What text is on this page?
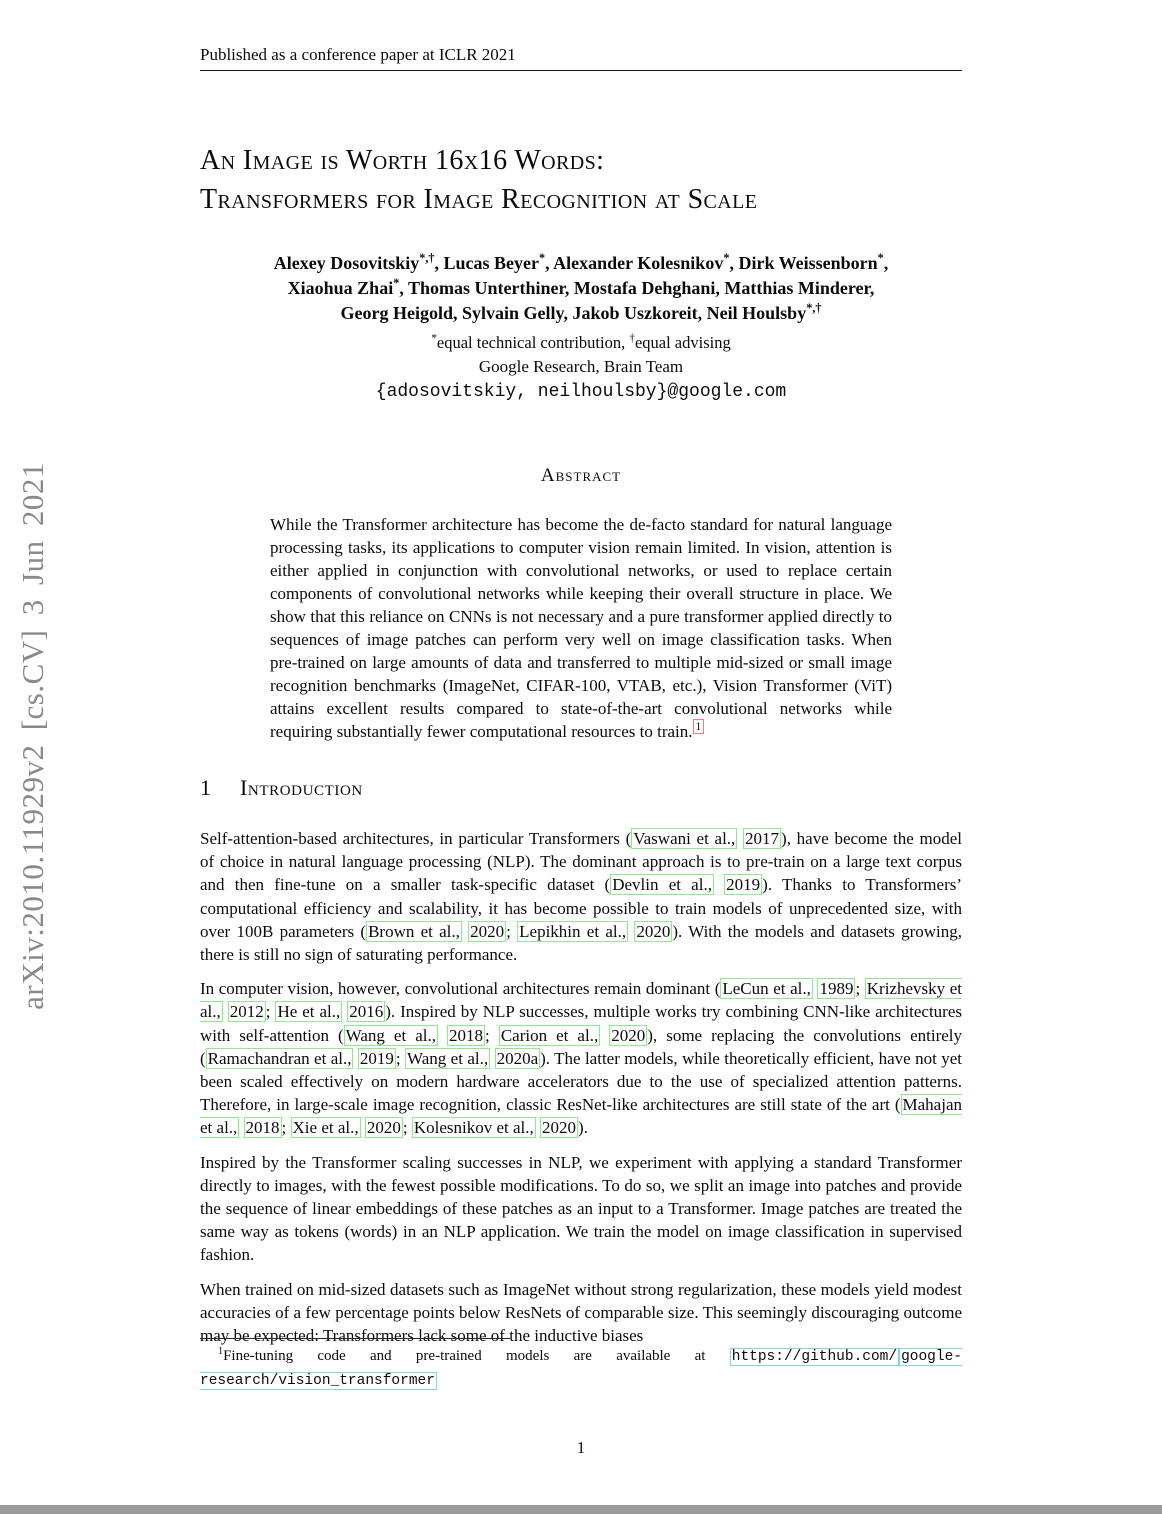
arXiv:2010.11929v2 [cs.CV] 3 Jun 2021
Published as a conference paper at ICLR 2021
An Image is Worth 16x16 Words:
Transformers for Image Recognition at Scale
Alexey Dosovitskiy*,†, Lucas Beyer*, Alexander Kolesnikov*, Dirk Weissenborn*,
Xiaohua Zhai*, Thomas Unterthiner, Mostafa Dehghani, Matthias Minderer,
Georg Heigold, Sylvain Gelly, Jakob Uszkoreit, Neil Houlsby*,†
*equal technical contribution, †equal advising
Google Research, Brain Team
{adosovitskiy, neilhoulsby}@google.com
Abstract

While the Transformer architecture has become the de-facto standard for natural language processing tasks, its applications to computer vision remain limited. In vision, attention is either applied in conjunction with convolutional networks, or used to replace certain components of convolutional networks while keeping their overall structure in place. We show that this reliance on CNNs is not necessary and a pure transformer applied directly to sequences of image patches can perform very well on image classification tasks. When pre-trained on large amounts of data and transferred to multiple mid-sized or small image recognition benchmarks (ImageNet, CIFAR-100, VTAB, etc.), Vision Transformer (ViT) attains excellent results compared to state-of-the-art convolutional networks while requiring substantially fewer computational resources to train. $^1$

1 Introduction

Self-attention-based architectures, in particular Transformers ( Vaswani et al., 2017 ), have become the model of choice in natural language processing (NLP). The dominant approach is to pre-train on a large text corpus and then fine-tune on a smaller task-specific dataset ( Devlin et al., 2019 ). Thanks to Transformers’ computational efficiency and scalability, it has become possible to train models of unprecedented size, with over 100B parameters ( Brown et al., 2020 ; Lepikhin et al., 2020 ). With the models and datasets growing, there is still no sign of saturating performance.

In computer vision, however, convolutional architectures remain dominant ( LeCun et al., 1989 ; Krizhevsky et al., 2012 ; He et al., 2016 ). Inspired by NLP successes, multiple works try combining CNN-like architectures with self-attention ( Wang et al., 2018 ; Carion et al., 2020 ), some replacing the convolutions entirely ( Ramachandran et al., 2019 ; Wang et al., 2020a ). The latter models, while theoretically efficient, have not yet been scaled effectively on modern hardware accelerators due to the use of specialized attention patterns. Therefore, in large-scale image recognition, classic ResNet-like architectures are still state of the art ( Mahajan et al., 2018 ; Xie et al., 2020 ; Kolesnikov et al., 2020 ).

Inspired by the Transformer scaling successes in NLP, we experiment with applying a standard Transformer directly to images, with the fewest possible modifications. To do so, we split an image into patches and provide the sequence of linear embeddings of these patches as an input to a Transformer. Image patches are treated the same way as tokens (words) in an NLP application. We train the model on image classification in supervised fashion.

When trained on mid-sized datasets such as ImageNet without strong regularization, these models yield modest accuracies of a few percentage points below ResNets of comparable size. This seemingly discouraging outcome may be expected: Transformers lack some of the inductive biases

$^1$Fine-tuning code and pre-trained models are available at https://github.com/ google-research/vision_transformer

1
